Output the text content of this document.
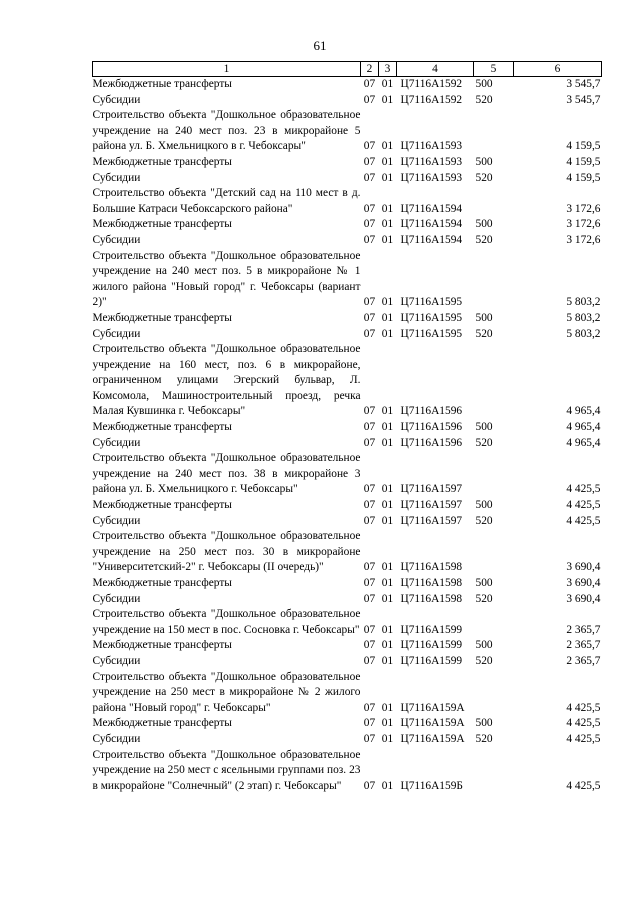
61
1	2	3	4	5	6
Межбюджетные трансферты	07	01	Ц7116А1592	500	3 545,7
Субсидии	07	01	Ц7116А1592	520	3 545,7
Строительство объекта "Дошкольное образовательное учреждение на 240 мест поз. 23 в микрорайоне 5 района ул. Б. Хмельницкого в г. Чебоксары"	07	01	Ц7116А1593		4 159,5
Межбюджетные трансферты	07	01	Ц7116А1593	500	4 159,5
Субсидии	07	01	Ц7116А1593	520	4 159,5
Строительство объекта "Детский сад на 110 мест в д. Большие Катраси Чебоксарского района"	07	01	Ц7116А1594		3 172,6
Межбюджетные трансферты	07	01	Ц7116А1594	500	3 172,6
Субсидии	07	01	Ц7116А1594	520	3 172,6
Строительство объекта "Дошкольное образовательное учреждение на 240 мест поз. 5 в микрорайоне № 1 жилого района "Новый город" г. Чебоксары (вариант 2)"	07	01	Ц7116А1595		5 803,2
Межбюджетные трансферты	07	01	Ц7116А1595	500	5 803,2
Субсидии	07	01	Ц7116А1595	520	5 803,2
Строительство объекта "Дошкольное образовательное учреждение на 160 мест, поз. 6 в микрорайоне, ограниченном улицами Эгерский бульвар, Л. Комсомола, Машиностроительный проезд, речка Малая Кувшинка г. Чебоксары"	07	01	Ц7116А1596		4 965,4
Межбюджетные трансферты	07	01	Ц7116А1596	500	4 965,4
Субсидии	07	01	Ц7116А1596	520	4 965,4
Строительство объекта "Дошкольное образовательное учреждение на 240 мест поз. 38 в микрорайоне 3 района ул. Б. Хмельницкого г. Чебоксары"	07	01	Ц7116А1597		4 425,5
Межбюджетные трансферты	07	01	Ц7116А1597	500	4 425,5
Субсидии	07	01	Ц7116А1597	520	4 425,5
Строительство объекта "Дошкольное образовательное учреждение на 250 мест поз. 30 в микрорайоне "Университетский-2" г. Чебоксары (II очередь)"	07	01	Ц7116А1598		3 690,4
Межбюджетные трансферты	07	01	Ц7116А1598	500	3 690,4
Субсидии	07	01	Ц7116А1598	520	3 690,4
Строительство объекта "Дошкольное образовательное учреждение на 150 мест в пос. Сосновка г. Чебоксары"	07	01	Ц7116А1599		2 365,7
Межбюджетные трансферты	07	01	Ц7116А1599	500	2 365,7
Субсидии	07	01	Ц7116А1599	520	2 365,7
Строительство объекта "Дошкольное образовательное учреждение на 250 мест в микрорайоне № 2 жилого района "Новый город" г. Чебоксары"	07	01	Ц7116А159А		4 425,5
Межбюджетные трансферты	07	01	Ц7116А159А	500	4 425,5
Субсидии	07	01	Ц7116А159А	520	4 425,5
Строительство объекта "Дошкольное образовательное учреждение на 250 мест с ясельными группами поз. 23 в микрорайоне "Солнечный" (2 этап) г. Чебоксары"	07	01	Ц7116А159Б		4 425,5
